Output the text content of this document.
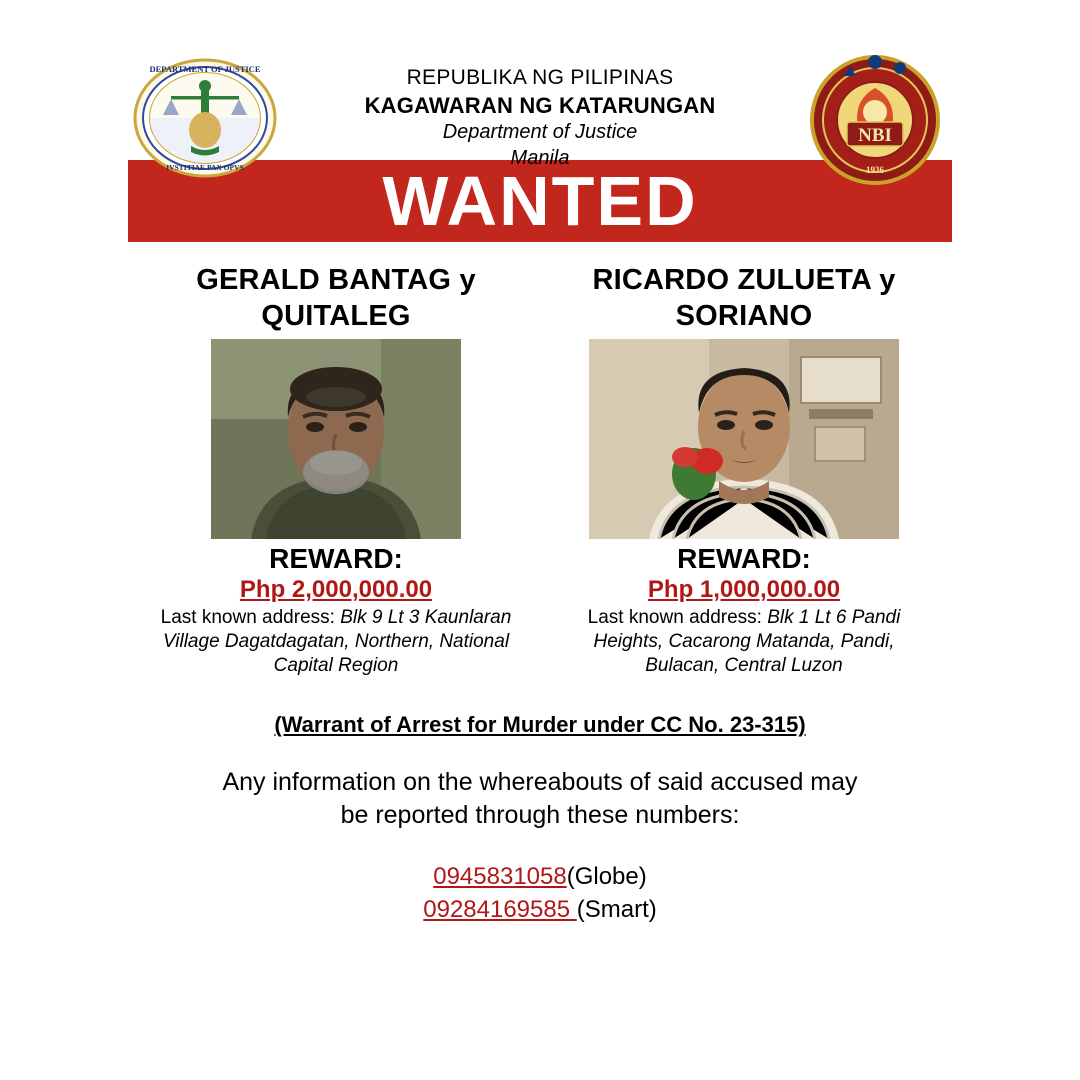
DEPARTMENT OF JUSTICE
IVSTITIAE PAX OPVS
REPUBLIKA NG PILIPINAS
KAGAWARAN NG KATARUNGAN
Department of Justice
Manila
NBI
1936
WANTED
GERALD BANTAG y QUITALEG
REWARD:
Php 2,000,000.00
Last known address: Blk 9 Lt 3 Kaunlaran Village Dagatdagatan, Northern, National Capital Region
RICARDO ZULUETA y SORIANO
REWARD:
Php 1,000,000.00
Last known address: Blk 1 Lt 6 Pandi Heights, Cacarong Matanda, Pandi, Bulacan, Central Luzon
(Warrant of Arrest for Murder under CC No. 23-315)
Any information on the whereabouts of said accused may
be reported through these numbers:
0945831058(Globe)
09284169585 (Smart)
